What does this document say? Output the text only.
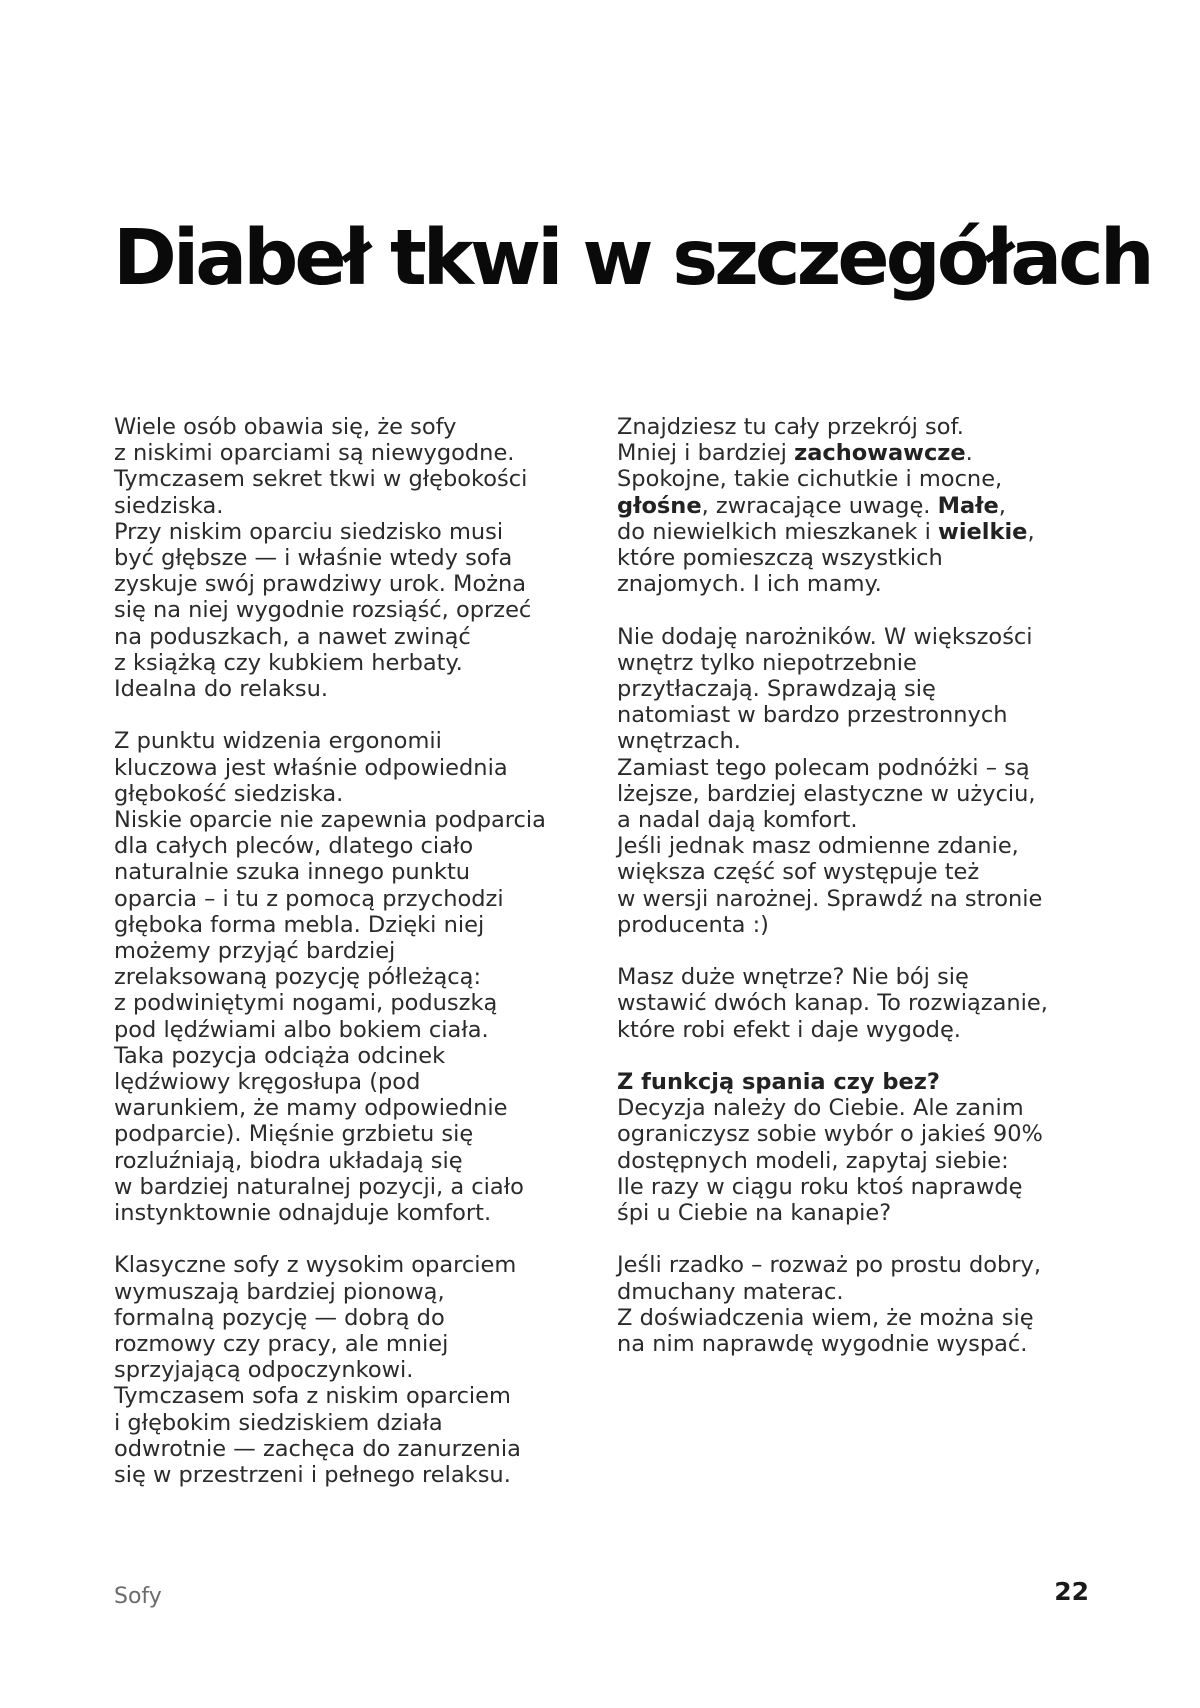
Diabeł tkwi w szczegółach

Wiele osób obawia się, że sofy
z niskimi oparciami są niewygodne.
Tymczasem sekret tkwi w głębokości
siedziska.
Przy niskim oparciu siedzisko musi
być głębsze — i właśnie wtedy sofa
zyskuje swój prawdziwy urok. Można
się na niej wygodnie rozsiąść, oprzeć
na poduszkach, a nawet zwinąć
z książką czy kubkiem herbaty.
Idealna do relaksu.

Z punktu widzenia ergonomii
kluczowa jest właśnie odpowiednia
głębokość siedziska.
Niskie oparcie nie zapewnia podparcia
dla całych pleców, dlatego ciało
naturalnie szuka innego punktu
oparcia – i tu z pomocą przychodzi
głęboka forma mebla. Dzięki niej
możemy przyjąć bardziej
zrelaksowaną pozycję półleżącą:
z podwiniętymi nogami, poduszką
pod lędźwiami albo bokiem ciała.
Taka pozycja odciąża odcinek
lędźwiowy kręgosłupa (pod
warunkiem, że mamy odpowiednie
podparcie). Mięśnie grzbietu się
rozluźniają, biodra układają się
w bardziej naturalnej pozycji, a ciało
instynktownie odnajduje komfort.

Klasyczne sofy z wysokim oparciem
wymuszają bardziej pionową,
formalną pozycję — dobrą do
rozmowy czy pracy, ale mniej
sprzyjającą odpoczynkowi.
Tymczasem sofa z niskim oparciem
i głębokim siedziskiem działa
odwrotnie — zachęca do zanurzenia
się w przestrzeni i pełnego relaksu.

Znajdziesz tu cały przekrój sof.
Mniej i bardziej zachowawcze.
Spokojne, takie cichutkie i mocne,
głośne, zwracające uwagę. Małe,
do niewielkich mieszkanek i wielkie,
które pomieszczą wszystkich
znajomych. I ich mamy.

Nie dodaję narożników. W większości
wnętrz tylko niepotrzebnie
przytłaczają. Sprawdzają się
natomiast w bardzo przestronnych
wnętrzach.
Zamiast tego polecam podnóżki – są
lżejsze, bardziej elastyczne w użyciu,
a nadal dają komfort.
Jeśli jednak masz odmienne zdanie,
większa część sof występuje też
w wersji narożnej. Sprawdź na stronie
producenta :)

Masz duże wnętrze? Nie bój się
wstawić dwóch kanap. To rozwiązanie,
które robi efekt i daje wygodę.

Z funkcją spania czy bez?
Decyzja należy do Ciebie. Ale zanim
ograniczysz sobie wybór o jakieś 90%
dostępnych modeli, zapytaj siebie:
Ile razy w ciągu roku ktoś naprawdę
śpi u Ciebie na kanapie?

Jeśli rzadko – rozważ po prostu dobry,
dmuchany materac.
Z doświadczenia wiem, że można się
na nim naprawdę wygodnie wyspać.

Sofy	22
